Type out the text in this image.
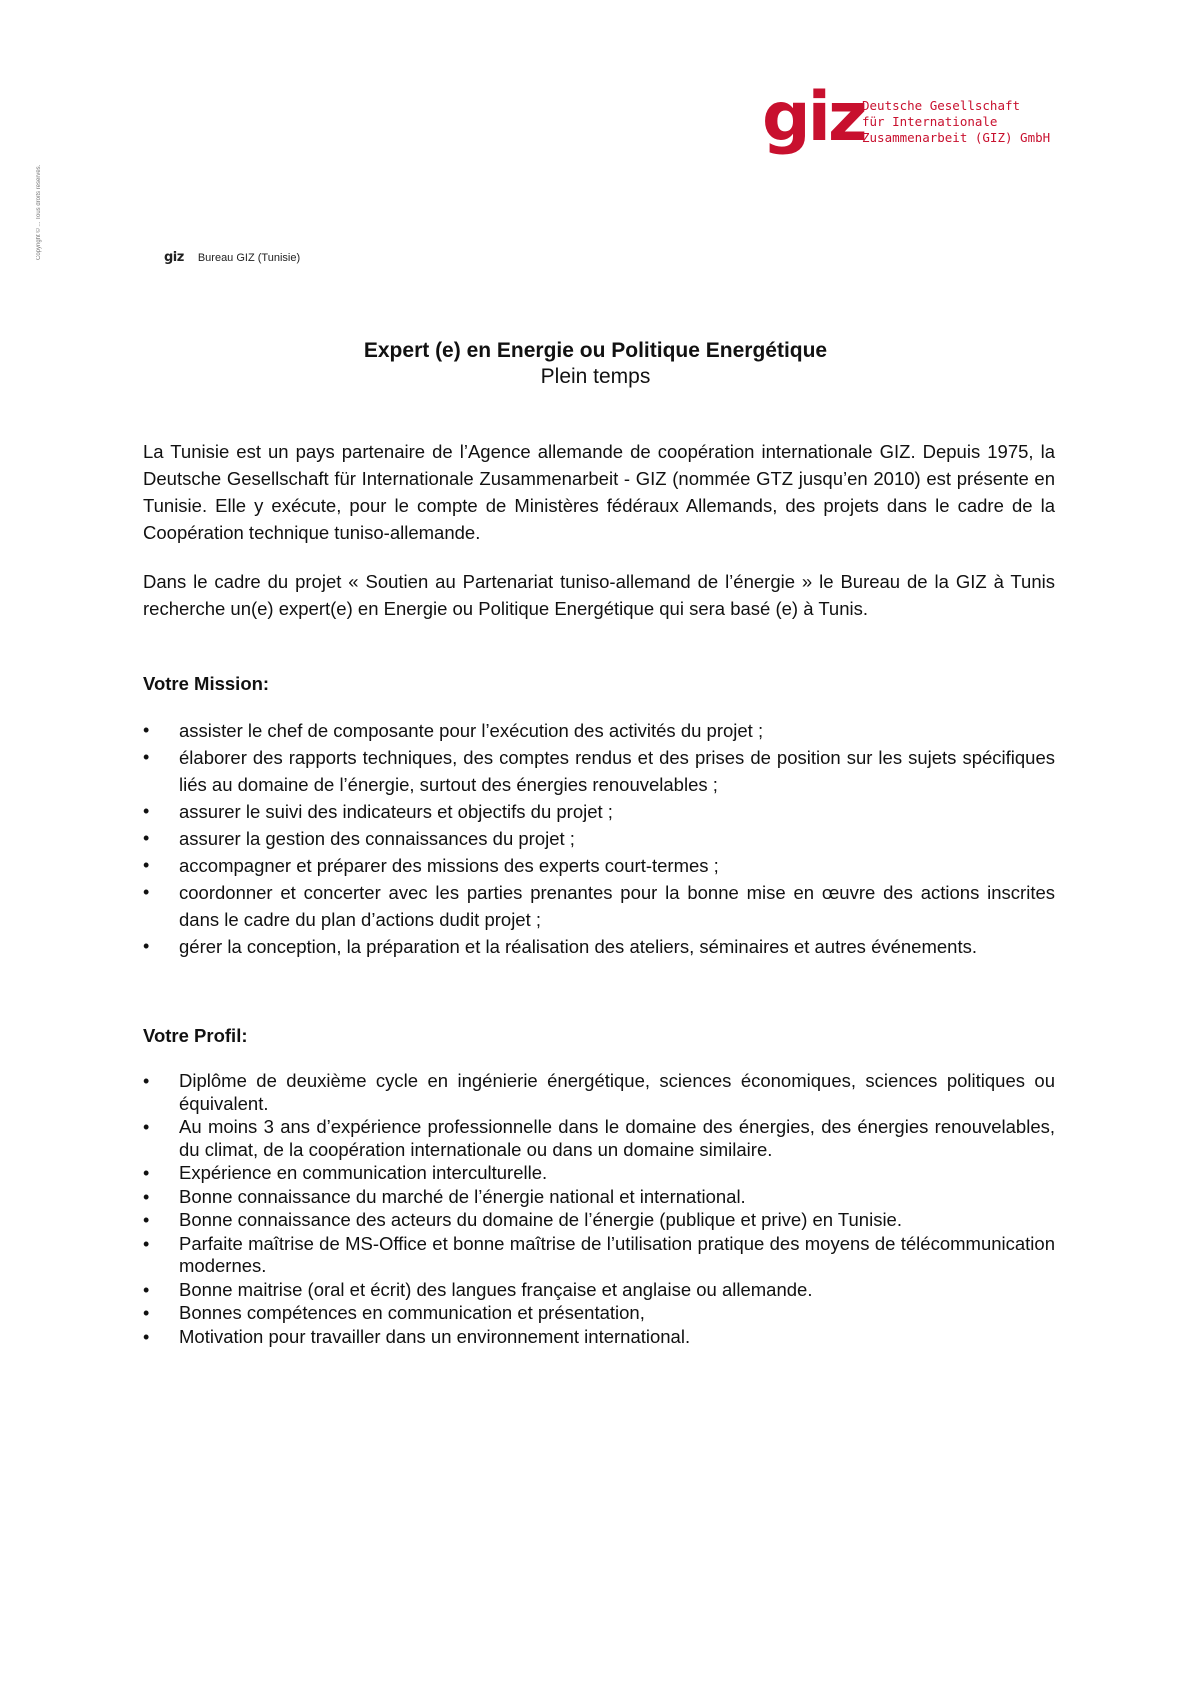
Copyright © ... Tous droits réservés.
giz
Deutsche Gesellschaft
für Internationale
Zusammenarbeit (GIZ) GmbH
giz Bureau GIZ (Tunisie)
Expert (e) en Energie ou Politique Energétique
Plein temps

La Tunisie est un pays partenaire de l’Agence allemande de coopération internationale GIZ. Depuis 1975, la Deutsche Gesellschaft für Internationale Zusammenarbeit - GIZ (nommée GTZ jusqu’en 2010) est présente en Tunisie. Elle y exécute, pour le compte de Ministères fédéraux Allemands, des projets dans le cadre de la Coopération technique tuniso-allemande.

Dans le cadre du projet « Soutien au Partenariat tuniso-allemand de l’énergie » le Bureau de la GIZ à Tunis recherche un(e) expert(e) en Energie ou Politique Energétique qui sera basé (e) à Tunis.

Votre Mission:
• assister le chef de composante pour l’exécution des activités du projet ;
• élaborer des rapports techniques, des comptes rendus et des prises de position sur les sujets spécifiques liés au domaine de l’énergie, surtout des énergies renouvelables ;
• assurer le suivi des indicateurs et objectifs du projet ;
• assurer la gestion des connaissances du projet ;
• accompagner et préparer des missions des experts court-termes ;
• coordonner et concerter avec les parties prenantes pour la bonne mise en œuvre des actions inscrites dans le cadre du plan d’actions dudit projet ;
• gérer la conception, la préparation et la réalisation des ateliers, séminaires et autres événements.
Votre Profil:
• Diplôme de deuxième cycle en ingénierie énergétique, sciences économiques, sciences politiques ou équivalent.
• Au moins 3 ans d’expérience professionnelle dans le domaine des énergies, des énergies renouvelables, du climat, de la coopération internationale ou dans un domaine similaire.
• Expérience en communication interculturelle.
• Bonne connaissance du marché de l’énergie national et international.
• Bonne connaissance des acteurs du domaine de l’énergie (publique et prive) en Tunisie.
• Parfaite maîtrise de MS-Office et bonne maîtrise de l’utilisation pratique des moyens de télécommunication modernes.
• Bonne maitrise (oral et écrit) des langues française et anglaise ou allemande.
• Bonnes compétences en communication et présentation,
• Motivation pour travailler dans un environnement international.
